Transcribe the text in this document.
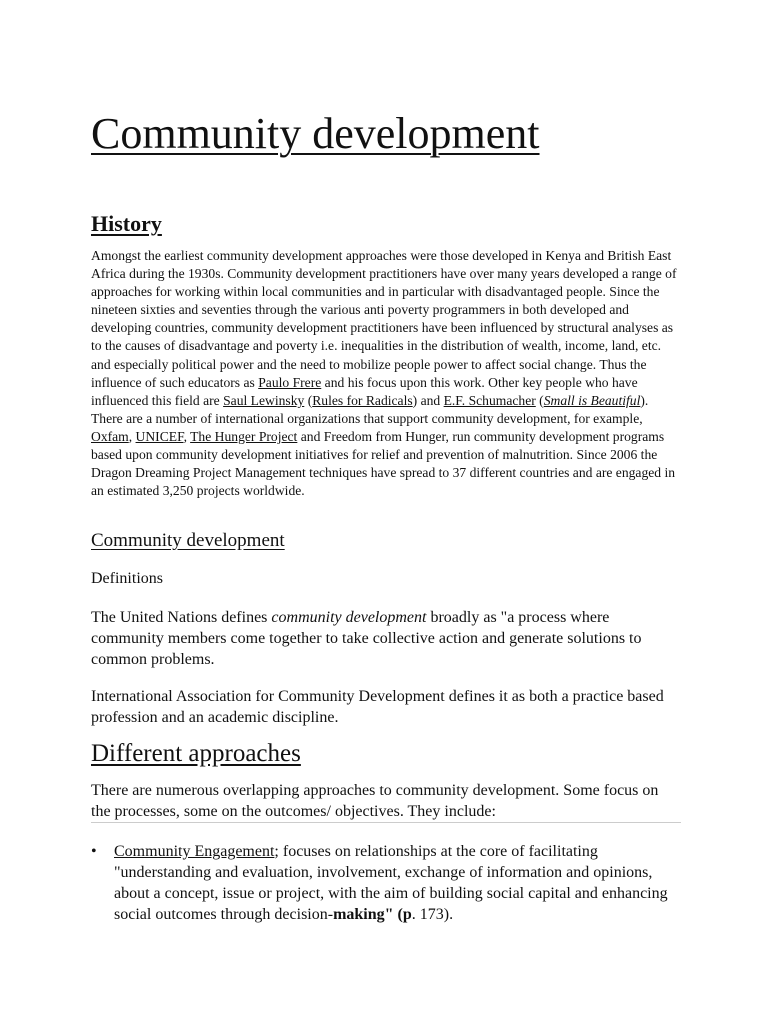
Community development
History

Amongst the earliest community development approaches were those developed in Kenya and British East Africa during the 1930s. Community development practitioners have over many years developed a range of approaches for working within local communities and in particular with disadvantaged people. Since the nineteen sixties and seventies through the various anti poverty programmers in both developed and developing countries, community development practitioners have been influenced by structural analyses as to the causes of disadvantage and poverty i.e. inequalities in the distribution of wealth, income, land, etc. and especially political power and the need to mobilize people power to affect social change. Thus the influence of such educators as Paulo Frere and his focus upon this work. Other key people who have influenced this field are Saul Lewinsky (Rules for Radicals) and E.F. Schumacher (Small is Beautiful). There are a number of international organizations that support community development, for example, Oxfam, UNICEF, The Hunger Project and Freedom from Hunger, run community development programs based upon community development initiatives for relief and prevention of malnutrition. Since 2006 the Dragon Dreaming Project Management techniques have spread to 37 different countries and are engaged in an estimated 3,250 projects worldwide.

Community development

Definitions

The United Nations defines community development broadly as "a process where community members come together to take collective action and generate solutions to common problems.

International Association for Community Development defines it as both a practice based profession and an academic discipline.

Different approaches

There are numerous overlapping approaches to community development. Some focus on the processes, some on the outcomes/ objectives. They include:

• Community Engagement; focuses on relationships at the core of facilitating "understanding and evaluation, involvement, exchange of information and opinions, about a concept, issue or project, with the aim of building social capital and enhancing social outcomes through decision-making" (p. 173).
